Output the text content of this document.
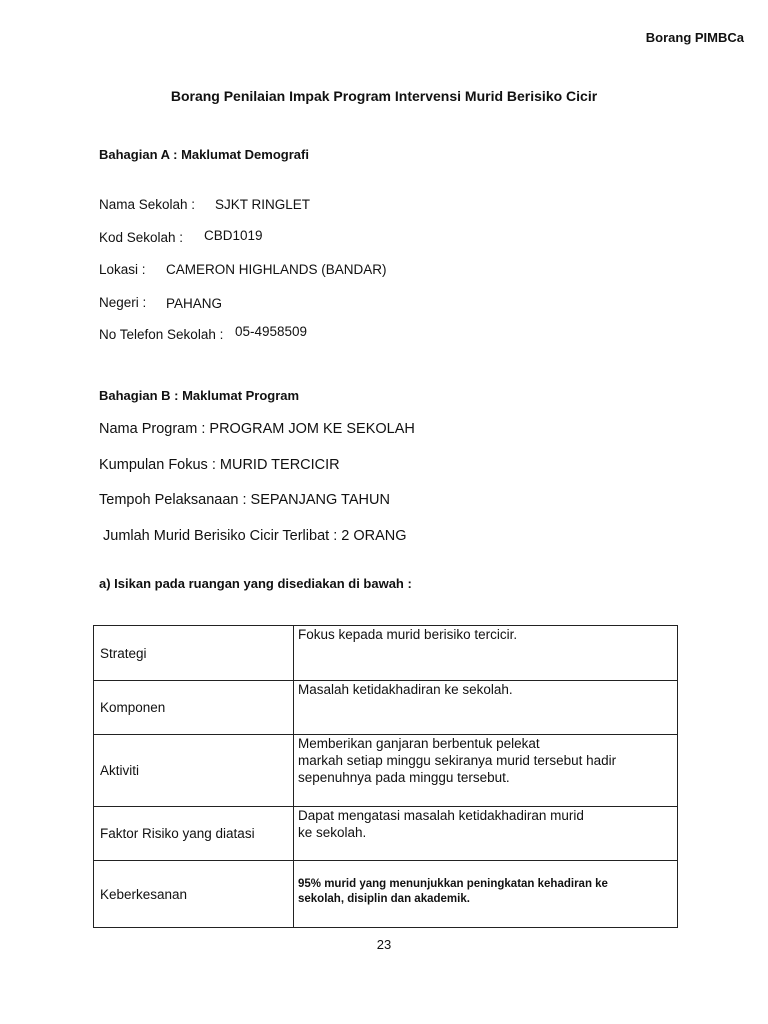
Borang PIMBCa
Borang Penilaian Impak Program Intervensi Murid Berisiko Cicir
Bahagian A : Maklumat Demografi
Nama Sekolah : SJKT RINGLET
Kod Sekolah : CBD1019
Lokasi : CAMERON HIGHLANDS (BANDAR)
Negeri : PAHANG
No Telefon Sekolah : 05-4958509
Bahagian B : Maklumat Program
Nama Program : PROGRAM JOM KE SEKOLAH
Kumpulan Fokus : MURID TERCICIR
Tempoh Pelaksanaan : SEPANJANG TAHUN
Jumlah Murid Berisiko Cicir Terlibat : 2 ORANG
a) Isikan pada ruangan yang disediakan di bawah :
Strategi	Fokus kepada murid berisiko tercicir.
Komponen	Masalah ketidakhadiran ke sekolah.
Aktiviti	Memberikan ganjaran berbentuk pelekat
markah setiap minggu sekiranya murid tersebut hadir
sepenuhnya pada minggu tersebut.
Faktor Risiko yang diatasi	Dapat mengatasi masalah ketidakhadiran murid
ke sekolah.
Keberkesanan	95% murid yang menunjukkan peningkatan kehadiran ke
sekolah, disiplin dan akademik.
23
